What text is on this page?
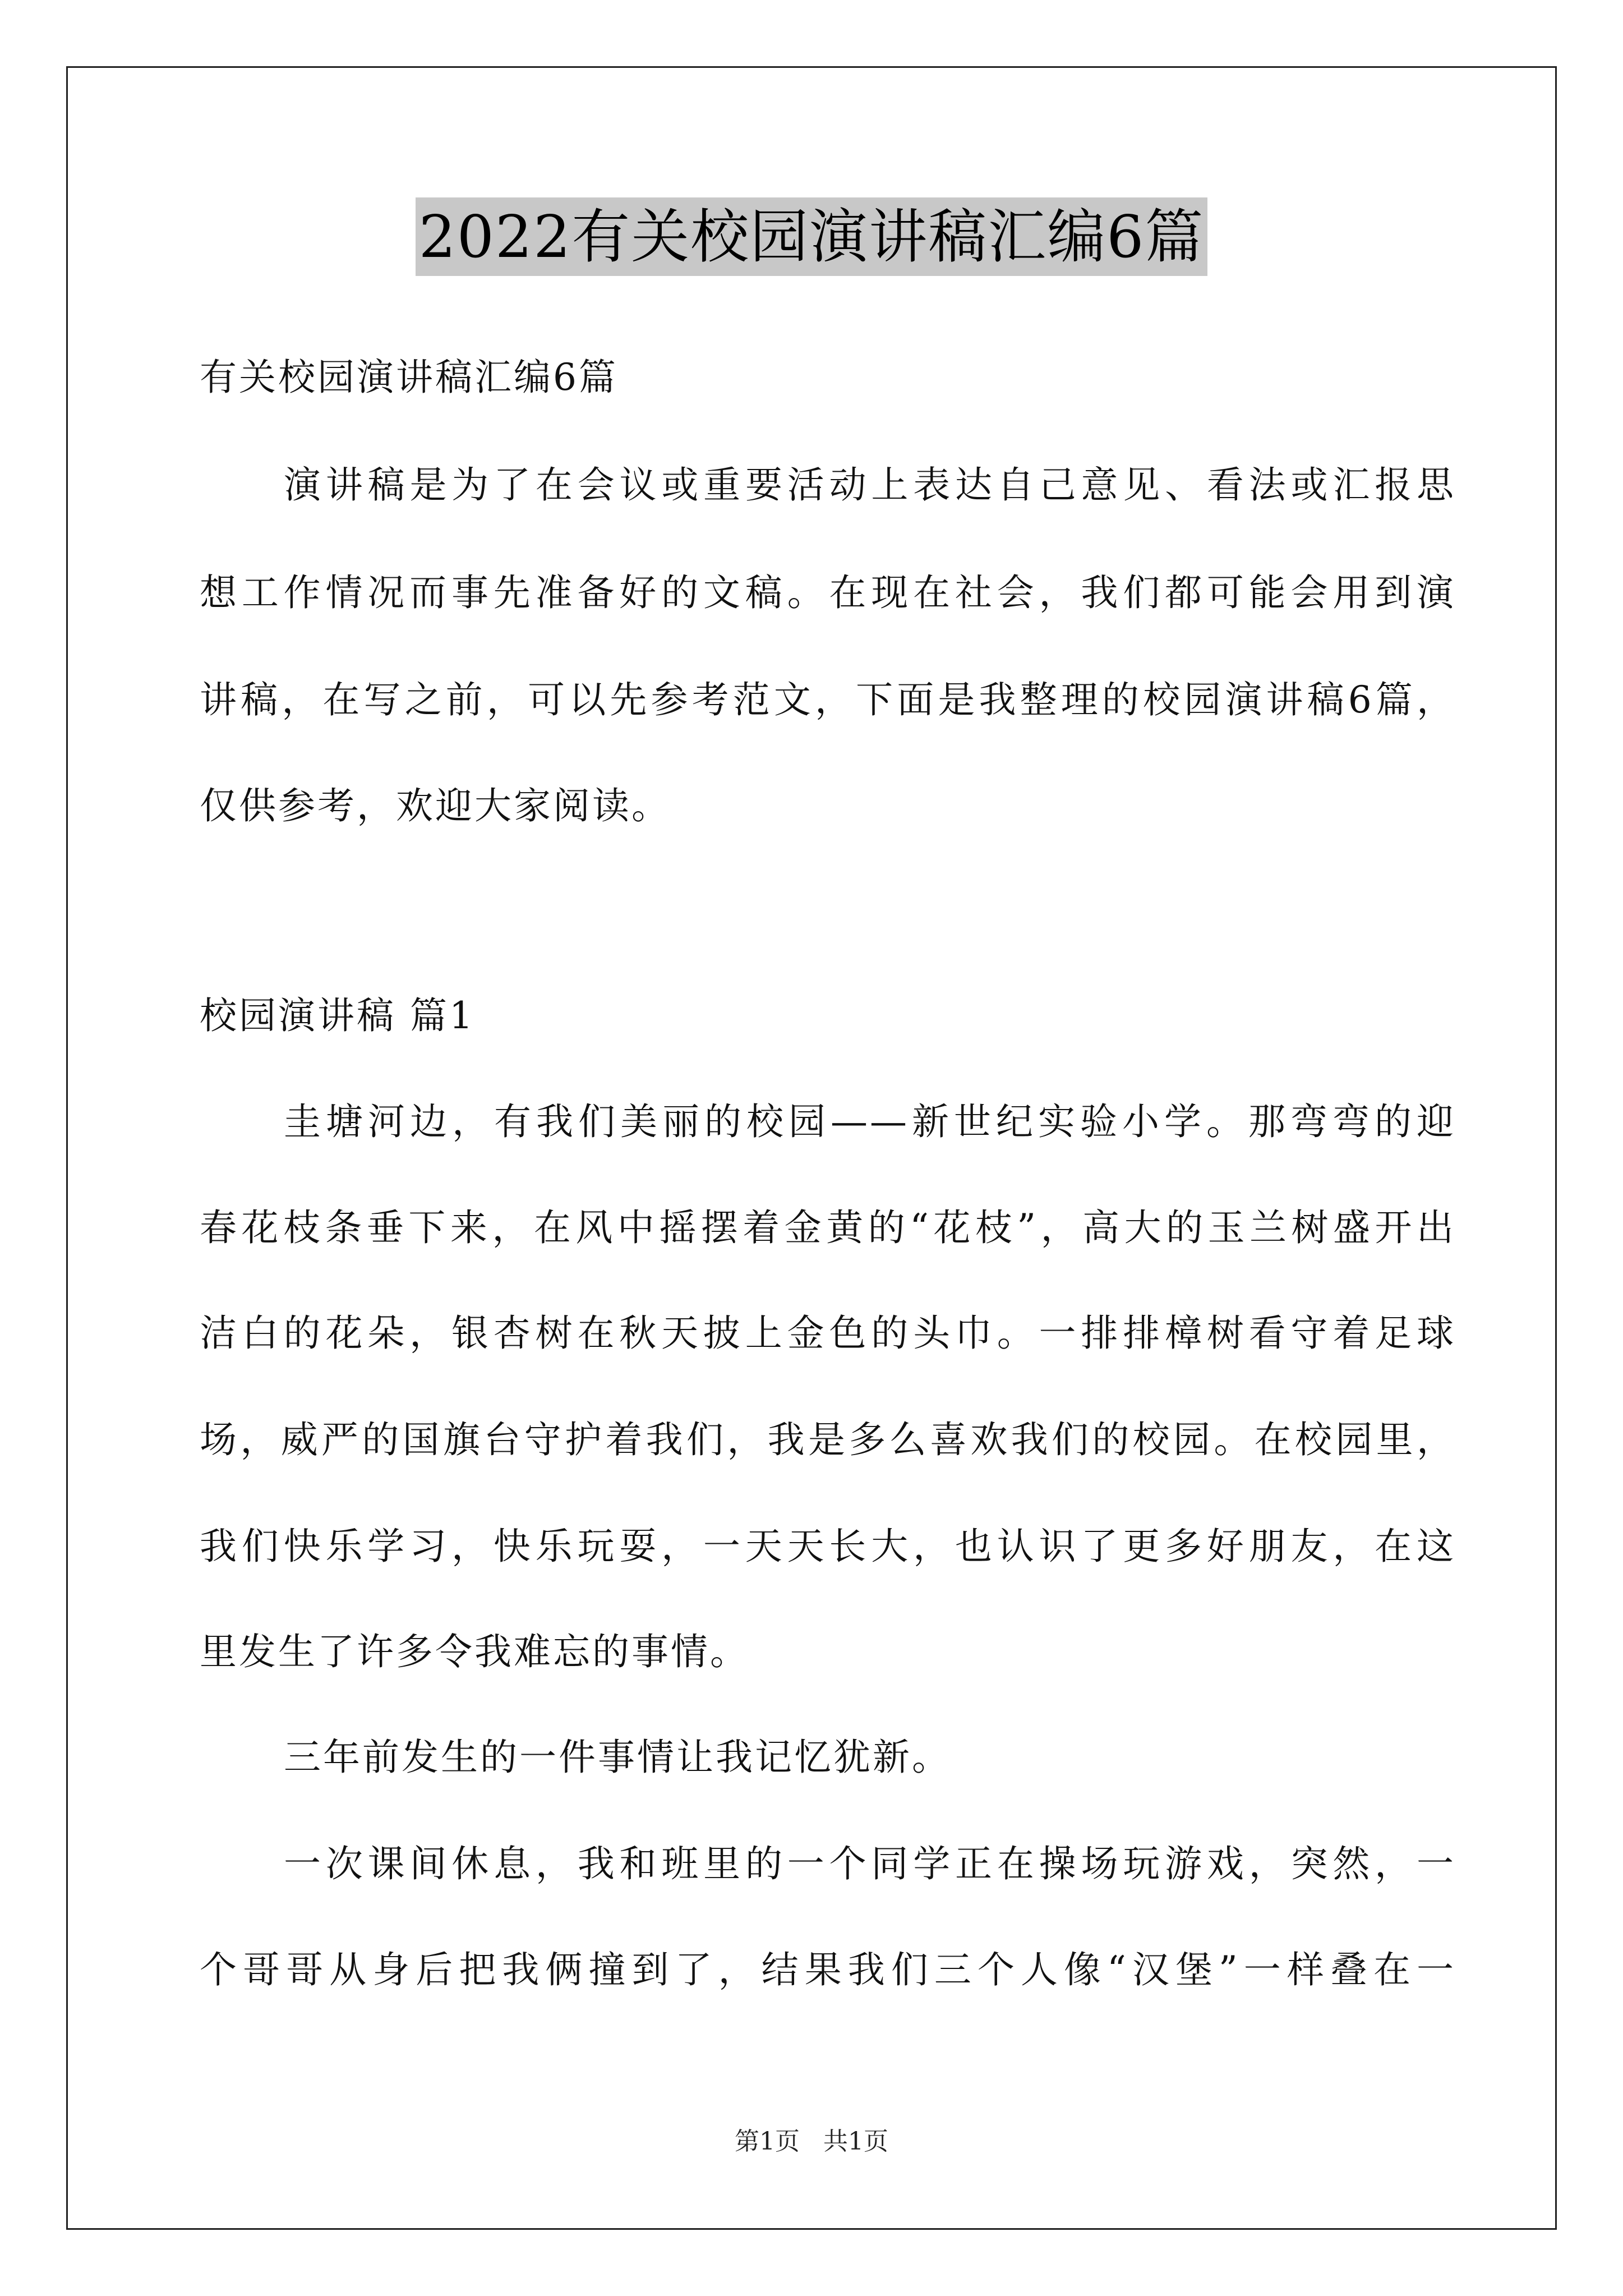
2022有关校园演讲稿汇编6篇
有关校园演讲稿汇编6篇
演讲稿是为了在会议或重要活动上表达自己意见、看法或汇报思
想工作情况而事先准备好的文稿。在现在社会，我们都可能会用到演
讲稿，在写之前，可以先参考范文，下面是我整理的校园演讲稿6篇，
仅供参考，欢迎大家阅读。
校园演讲稿 篇1
圭塘河边，有我们美丽的校园——新世纪实验小学。那弯弯的迎
春花枝条垂下来，在风中摇摆着金黄的“花枝”，高大的玉兰树盛开出
洁白的花朵，银杏树在秋天披上金色的头巾。一排排樟树看守着足球
场，威严的国旗台守护着我们，我是多么喜欢我们的校园。在校园里，
我们快乐学习，快乐玩耍，一天天长大，也认识了更多好朋友，在这
里发生了许多令我难忘的事情。
三年前发生的一件事情让我记忆犹新。
一次课间休息，我和班里的一个同学正在操场玩游戏，突然，一
个哥哥从身后把我俩撞到了，结果我们三个人像“汉堡”一样叠在一
第1页   共1页
